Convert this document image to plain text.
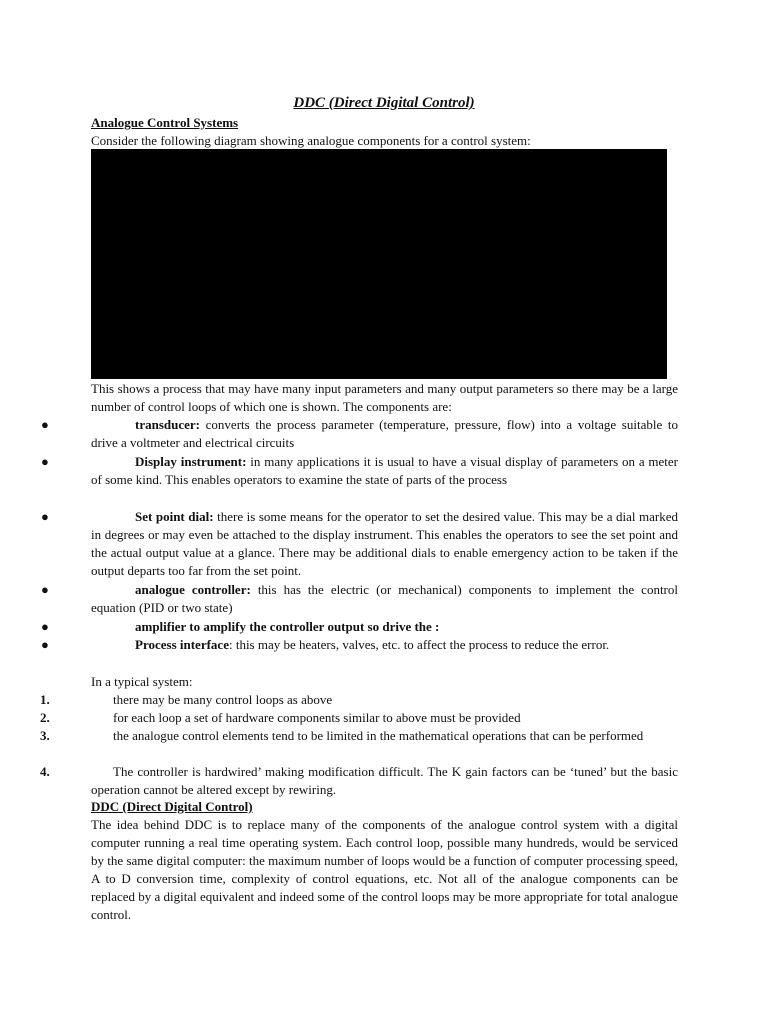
DDC (Direct Digital Control)
Analogue Control Systems
Consider the following diagram showing analogue components for a control system:
This shows a process that may have many input parameters and many output parameters so there may be a large number of control loops of which one is shown. The components are:
●	transducer: converts the process parameter (temperature, pressure, flow) into a voltage suitable to drive a voltmeter and electrical circuits
●	Display instrument: in many applications it is usual to have a visual display of parameters on a meter of some kind. This enables operators to examine the state of parts of the process
●	Set point dial: there is some means for the operator to set the desired value. This may be a dial marked in degrees or may even be attached to the display instrument. This enables the operators to see the set point and the actual output value at a glance. There may be additional dials to enable emergency action to be taken if the output departs too far from the set point.
●	analogue controller: this has the electric (or mechanical) components to implement the control equation (PID or two state)
●	amplifier to amplify the controller output so drive the :
●	Process interface: this may be heaters, valves, etc. to affect the process to reduce the error.
In a typical system:
1.	there may be many control loops as above
2.	for each loop a set of hardware components similar to above must be provided
3.	the analogue control elements tend to be limited in the mathematical operations that can be performed
4.	The controller is hardwired’ making modification difficult. The K gain factors can be ‘tuned’ but the basic operation cannot be altered except by rewiring.
DDC (Direct Digital Control)
The idea behind DDC is to replace many of the components of the analogue control system with a digital computer running a real time operating system. Each control loop, possible many hundreds, would be serviced by the same digital computer: the maximum number of loops would be a function of computer processing speed, A to D conversion time, complexity of control equations, etc. Not all of the analogue components can be replaced by a digital equivalent and indeed some of the control loops may be more appropriate for total analogue control.
